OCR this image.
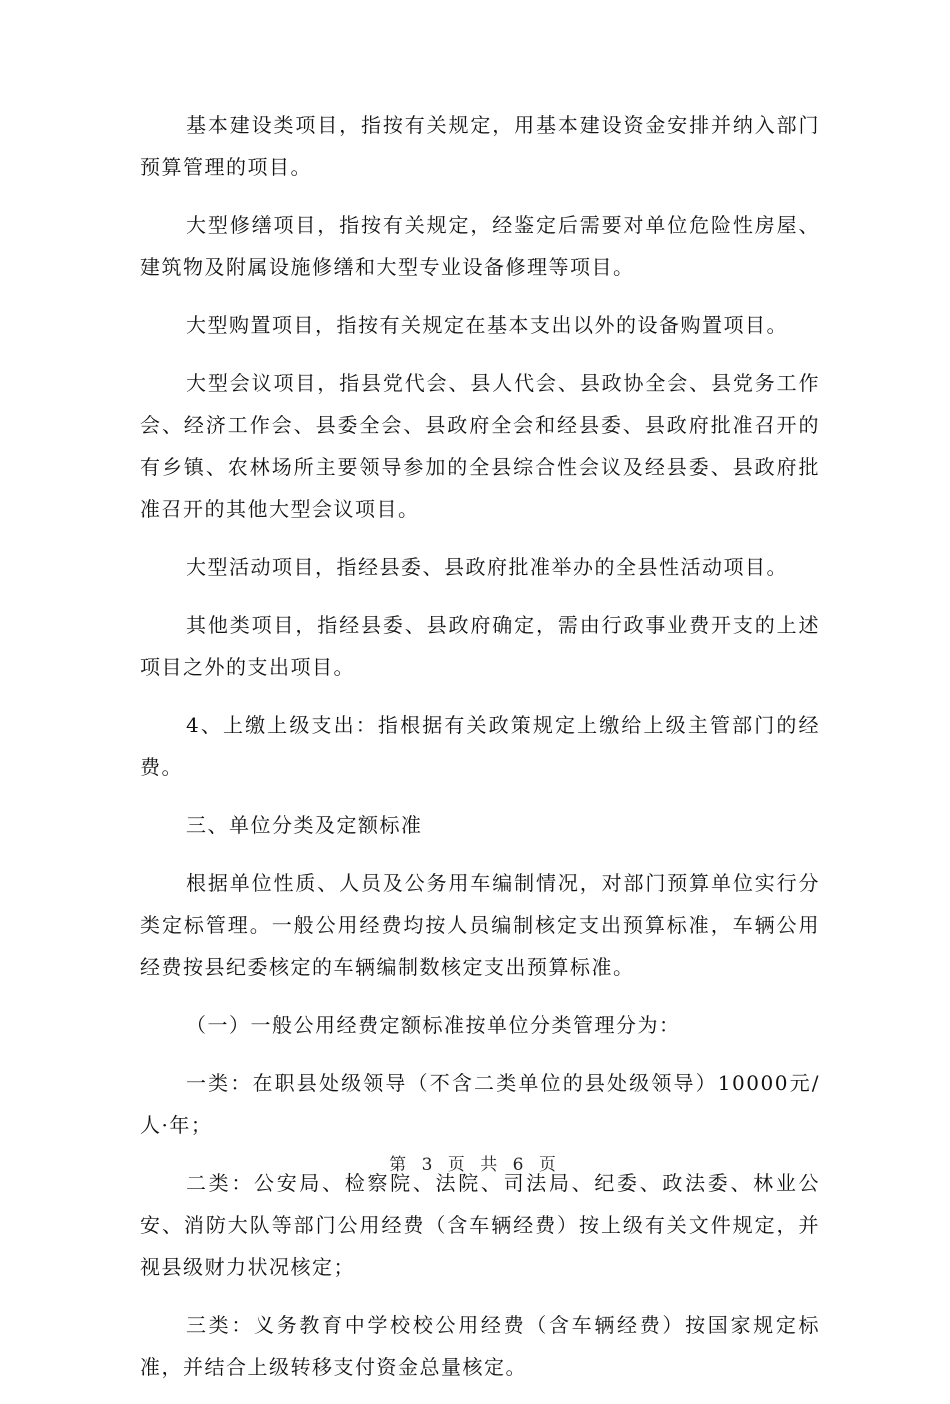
基本建设类项目，指按有关规定，用基本建设资金安排并纳入部门预算管理的项目。

大型修缮项目，指按有关规定，经鉴定后需要对单位危险性房屋、建筑物及附属设施修缮和大型专业设备修理等项目。

大型购置项目，指按有关规定在基本支出以外的设备购置项目。

大型会议项目，指县党代会、县人代会、县政协全会、县党务工作会、经济工作会、县委全会、县政府全会和经县委、县政府批准召开的有乡镇、农林场所主要领导参加的全县综合性会议及经县委、县政府批准召开的其他大型会议项目。

大型活动项目，指经县委、县政府批准举办的全县性活动项目。

其他类项目，指经县委、县政府确定，需由行政事业费开支的上述项目之外的支出项目。

4、上缴上级支出：指根据有关政策规定上缴给上级主管部门的经费。

三、单位分类及定额标准

根据单位性质、人员及公务用车编制情况，对部门预算单位实行分类定标管理。一般公用经费均按人员编制核定支出预算标准，车辆公用经费按县纪委核定的车辆编制数核定支出预算标准。

（一）一般公用经费定额标准按单位分类管理分为：

一类：在职县处级领导（不含二类单位的县处级领导）10000元/人·年；

二类：公安局、检察院、法院、司法局、纪委、政法委、林业公安、消防大队等部门公用经费（含车辆经费）按上级有关文件规定，并视县级财力状况核定；

三类：义务教育中学校校公用经费（含车辆经费）按国家规定标准，并结合上级转移支付资金总量核定。

第 3 页 共 6 页
